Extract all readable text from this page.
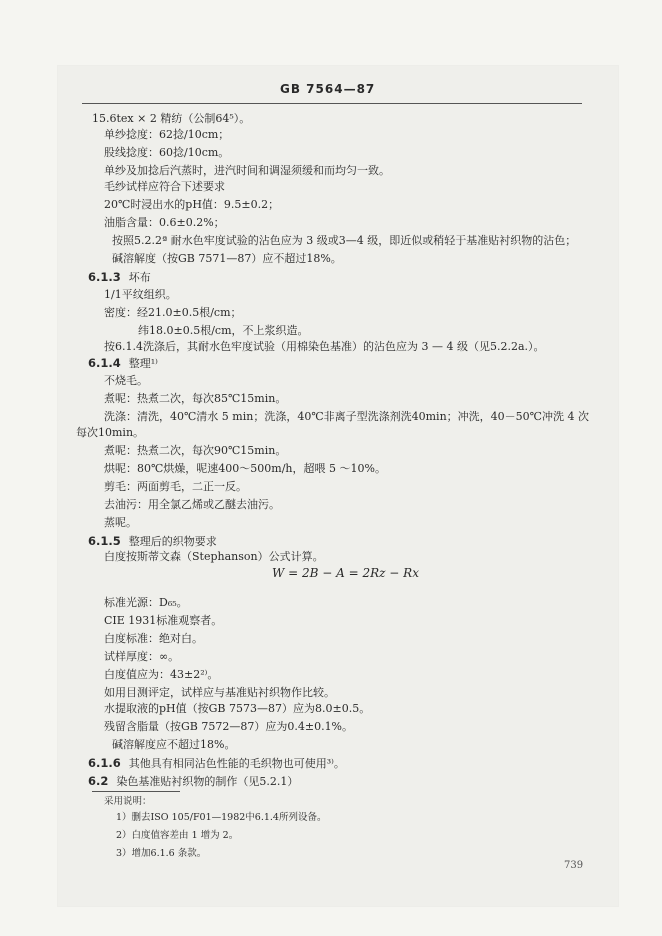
GB 7564—87
15.6tex × 2 精纺（公制64⁵）。
单纱捻度：62捻/10cm；
股线捻度：60捻/10cm。
单纱及加捻后汽蒸时，进汽时间和调湿须缓和而均匀一致。
毛纱试样应符合下述要求
20℃时浸出水的pH值：9.5±0.2；
油脂含量：0.6±0.2%；
按照5.2.2ª 耐水色牢度试验的沾色应为 3 级或3—4 级，即近似或稍轻于基准贴衬织物的沾色；
碱溶解度（按GB 7571—87）应不超过18%。
6.1.3 坏布
1/1平纹组织。
密度：经21.0±0.5根/cm；
纬18.0±0.5根/cm，不上浆织造。
按6.1.4洗涤后，其耐水色牢度试验（用棉染色基准）的沾色应为 3 — 4 级（见5.2.2a.）。
6.1.4 整理¹⁾
不烧毛。
煮呢：热煮二次，每次85℃15min。
洗涤：清洗，40℃清水 5 min；洗涤，40℃非离子型洗涤剂洗40min；冲洗，40－50℃冲洗 4 次
每次10min。
煮呢：热煮二次，每次90℃15min。
烘呢：80℃烘燥，呢速400～500m/h，超喂 5 ～10%。
剪毛：两面剪毛，二正一反。
去油污：用全氯乙烯或乙醚去油污。
蒸呢。
6.1.5 整理后的织物要求
白度按斯蒂文森（Stephanson）公式计算。
W = 2B − A = 2Rz − Rx
标准光源：D₆₅。
CIE 1931标准观察者。
白度标准：绝对白。
试样厚度：∞。
白度值应为：43±2²⁾。
如用目测评定，试样应与基准贴衬织物作比较。
水提取液的pH值（按GB 7573—87）应为8.0±0.5。
残留含脂量（按GB 7572—87）应为0.4±0.1%。
碱溶解度应不超过18%。
6.1.6 其他具有相同沾色性能的毛织物也可使用³⁾。
6.2 染色基准贴衬织物的制作（见5.2.1）
采用说明：
1）删去ISO 105/F01—1982中6.1.4所列设备。
2）白度值容差由 1 增为 2。
3）增加6.1.6 条款。
739
